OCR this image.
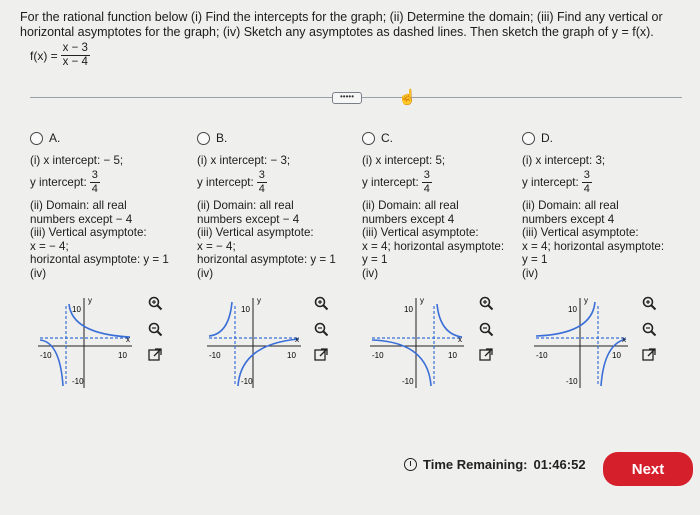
For the rational function below (i) Find the intercepts for the graph; (ii) Determine the domain; (iii) Find any vertical or horizontal asymptotes for the graph; (iv) Sketch any asymptotes as dashed lines. Then sketch the graph of y = f(x).
$f(x) = \frac{x - 3}{x - 4}$
•••••	☝
A.
(i) x intercept: − 5;
y intercept: $\frac{3}{4}$
(ii) Domain: all real
numbers except − 4
(iii) Vertical asymptote:
x = − 4;
horizontal asymptote: y = 1
(iv)
B.
(i) x intercept: − 3;
y intercept: $\frac{3}{4}$
(ii) Domain: all real
numbers except − 4
(iii) Vertical asymptote:
x = − 4;
horizontal asymptote: y = 1
(iv)
C.
(i) x intercept: 5;
y intercept: $\frac{3}{4}$
(ii) Domain: all real
numbers except 4
(iii) Vertical asymptote:
x = 4; horizontal asymptote:
y = 1
(iv)
D.
(i) x intercept: 3;
y intercept: $\frac{3}{4}$
(ii) Domain: all real
numbers except 4
(iii) Vertical asymptote:
x = 4; horizontal asymptote:
y = 1
(iv)
10
y
x
-10	10
-10
10
y
x
-10	10
-10
10
y
x
-10	10
-10
10
y
x
-10	10
-10
Time Remaining: 01:46:52	Next
